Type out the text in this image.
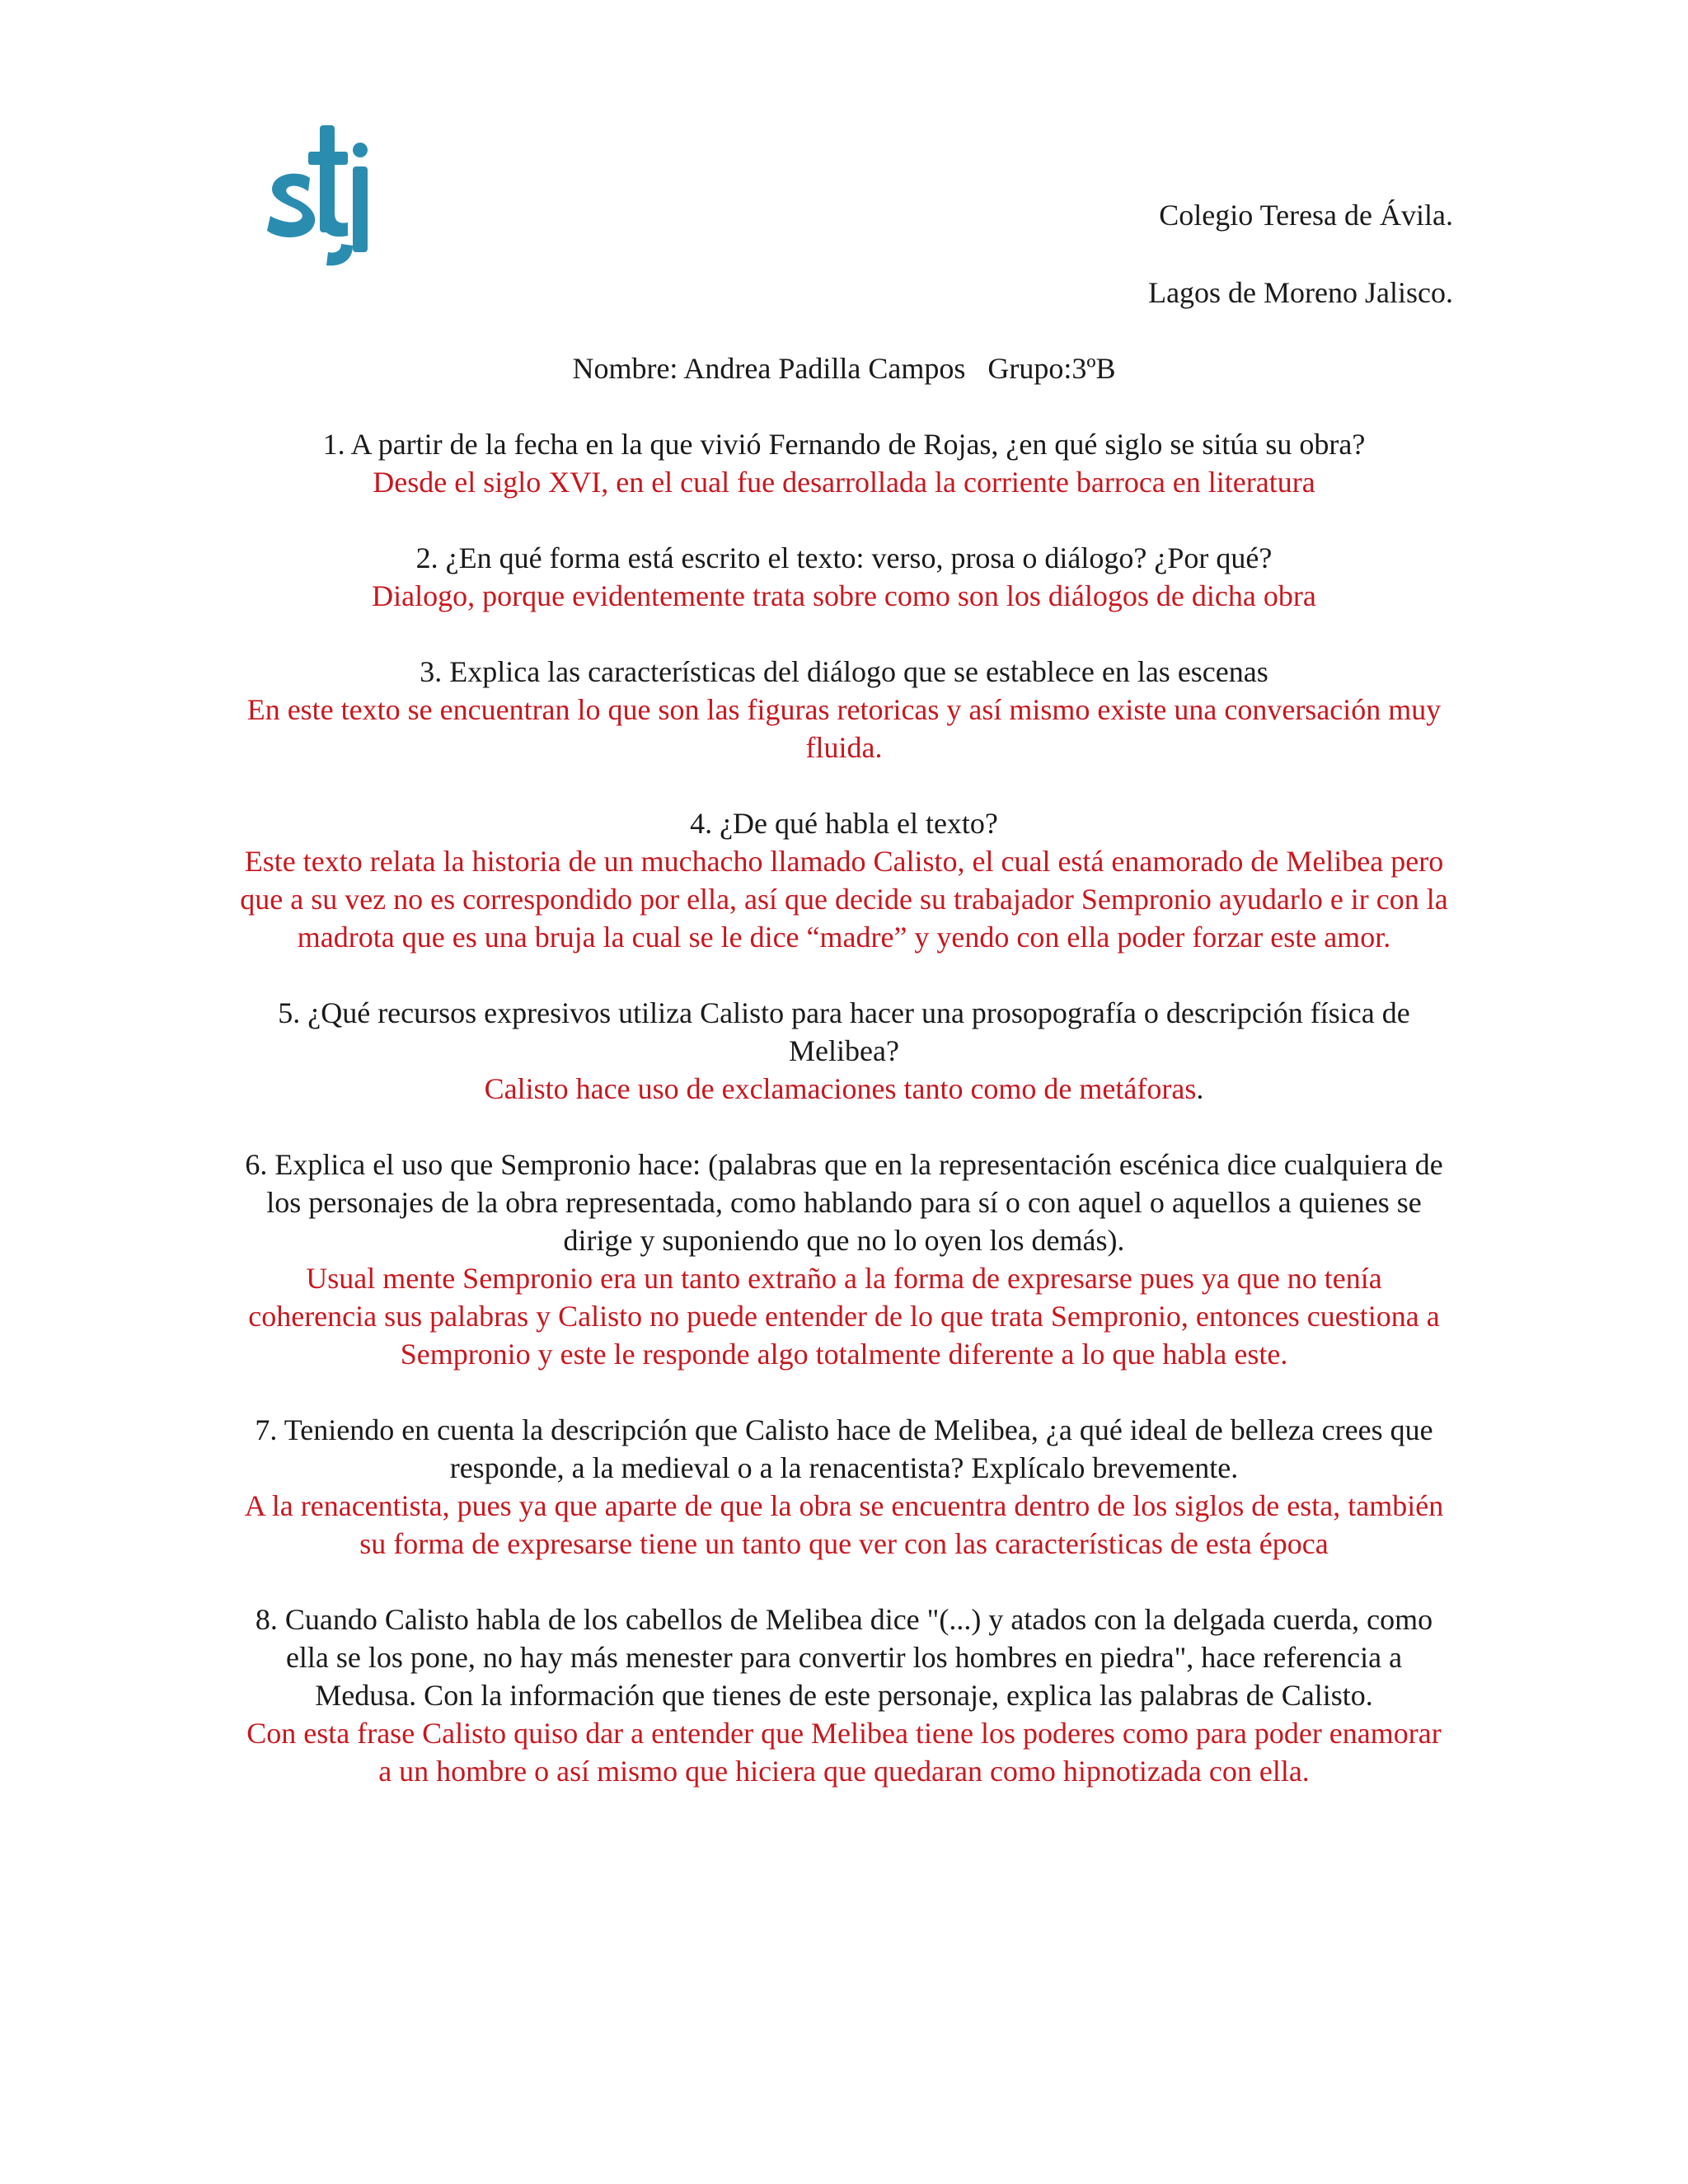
Colegio Teresa de Ávila.
Lagos de Moreno Jalisco.
Nombre: Andrea Padilla Campos Grupo:3ºB

1. A partir de la fecha en la que vivió Fernando de Rojas, ¿en qué siglo se sitúa su obra?

Desde el siglo XVI, en el cual fue desarrollada la corriente barroca en literatura

2. ¿En qué forma está escrito el texto: verso, prosa o diálogo? ¿Por qué?

Dialogo, porque evidentemente trata sobre como son los diálogos de dicha obra

3. Explica las características del diálogo que se establece en las escenas

En este texto se encuentran lo que son las figuras retoricas y así mismo existe una conversación muy fluida.

4. ¿De qué habla el texto?

Este texto relata la historia de un muchacho llamado Calisto, el cual está enamorado de Melibea pero que a su vez no es correspondido por ella, así que decide su trabajador Sempronio ayudarlo e ir con la madrota que es una bruja la cual se le dice “madre” y yendo con ella poder forzar este amor.

5. ¿Qué recursos expresivos utiliza Calisto para hacer una prosopografía o descripción física de Melibea?

Calisto hace uso de exclamaciones tanto como de metáforas.

6. Explica el uso que Sempronio hace: (palabras que en la representación escénica dice cualquiera de los personajes de la obra representada, como hablando para sí o con aquel o aquellos a quienes se dirige y suponiendo que no lo oyen los demás).

Usual mente Sempronio era un tanto extraño a la forma de expresarse pues ya que no tenía coherencia sus palabras y Calisto no puede entender de lo que trata Sempronio, entonces cuestiona a Sempronio y este le responde algo totalmente diferente a lo que habla este.

7. Teniendo en cuenta la descripción que Calisto hace de Melibea, ¿a qué ideal de belleza crees que responde, a la medieval o a la renacentista? Explícalo brevemente.

A la renacentista, pues ya que aparte de que la obra se encuentra dentro de los siglos de esta, también su forma de expresarse tiene un tanto que ver con las características de esta época

8. Cuando Calisto habla de los cabellos de Melibea dice "(...) y atados con la delgada cuerda, como ella se los pone, no hay más menester para convertir los hombres en piedra", hace referencia a Medusa. Con la información que tienes de este personaje, explica las palabras de Calisto.

Con esta frase Calisto quiso dar a entender que Melibea tiene los poderes como para poder enamorar a un hombre o así mismo que hiciera que quedaran como hipnotizada con ella.
